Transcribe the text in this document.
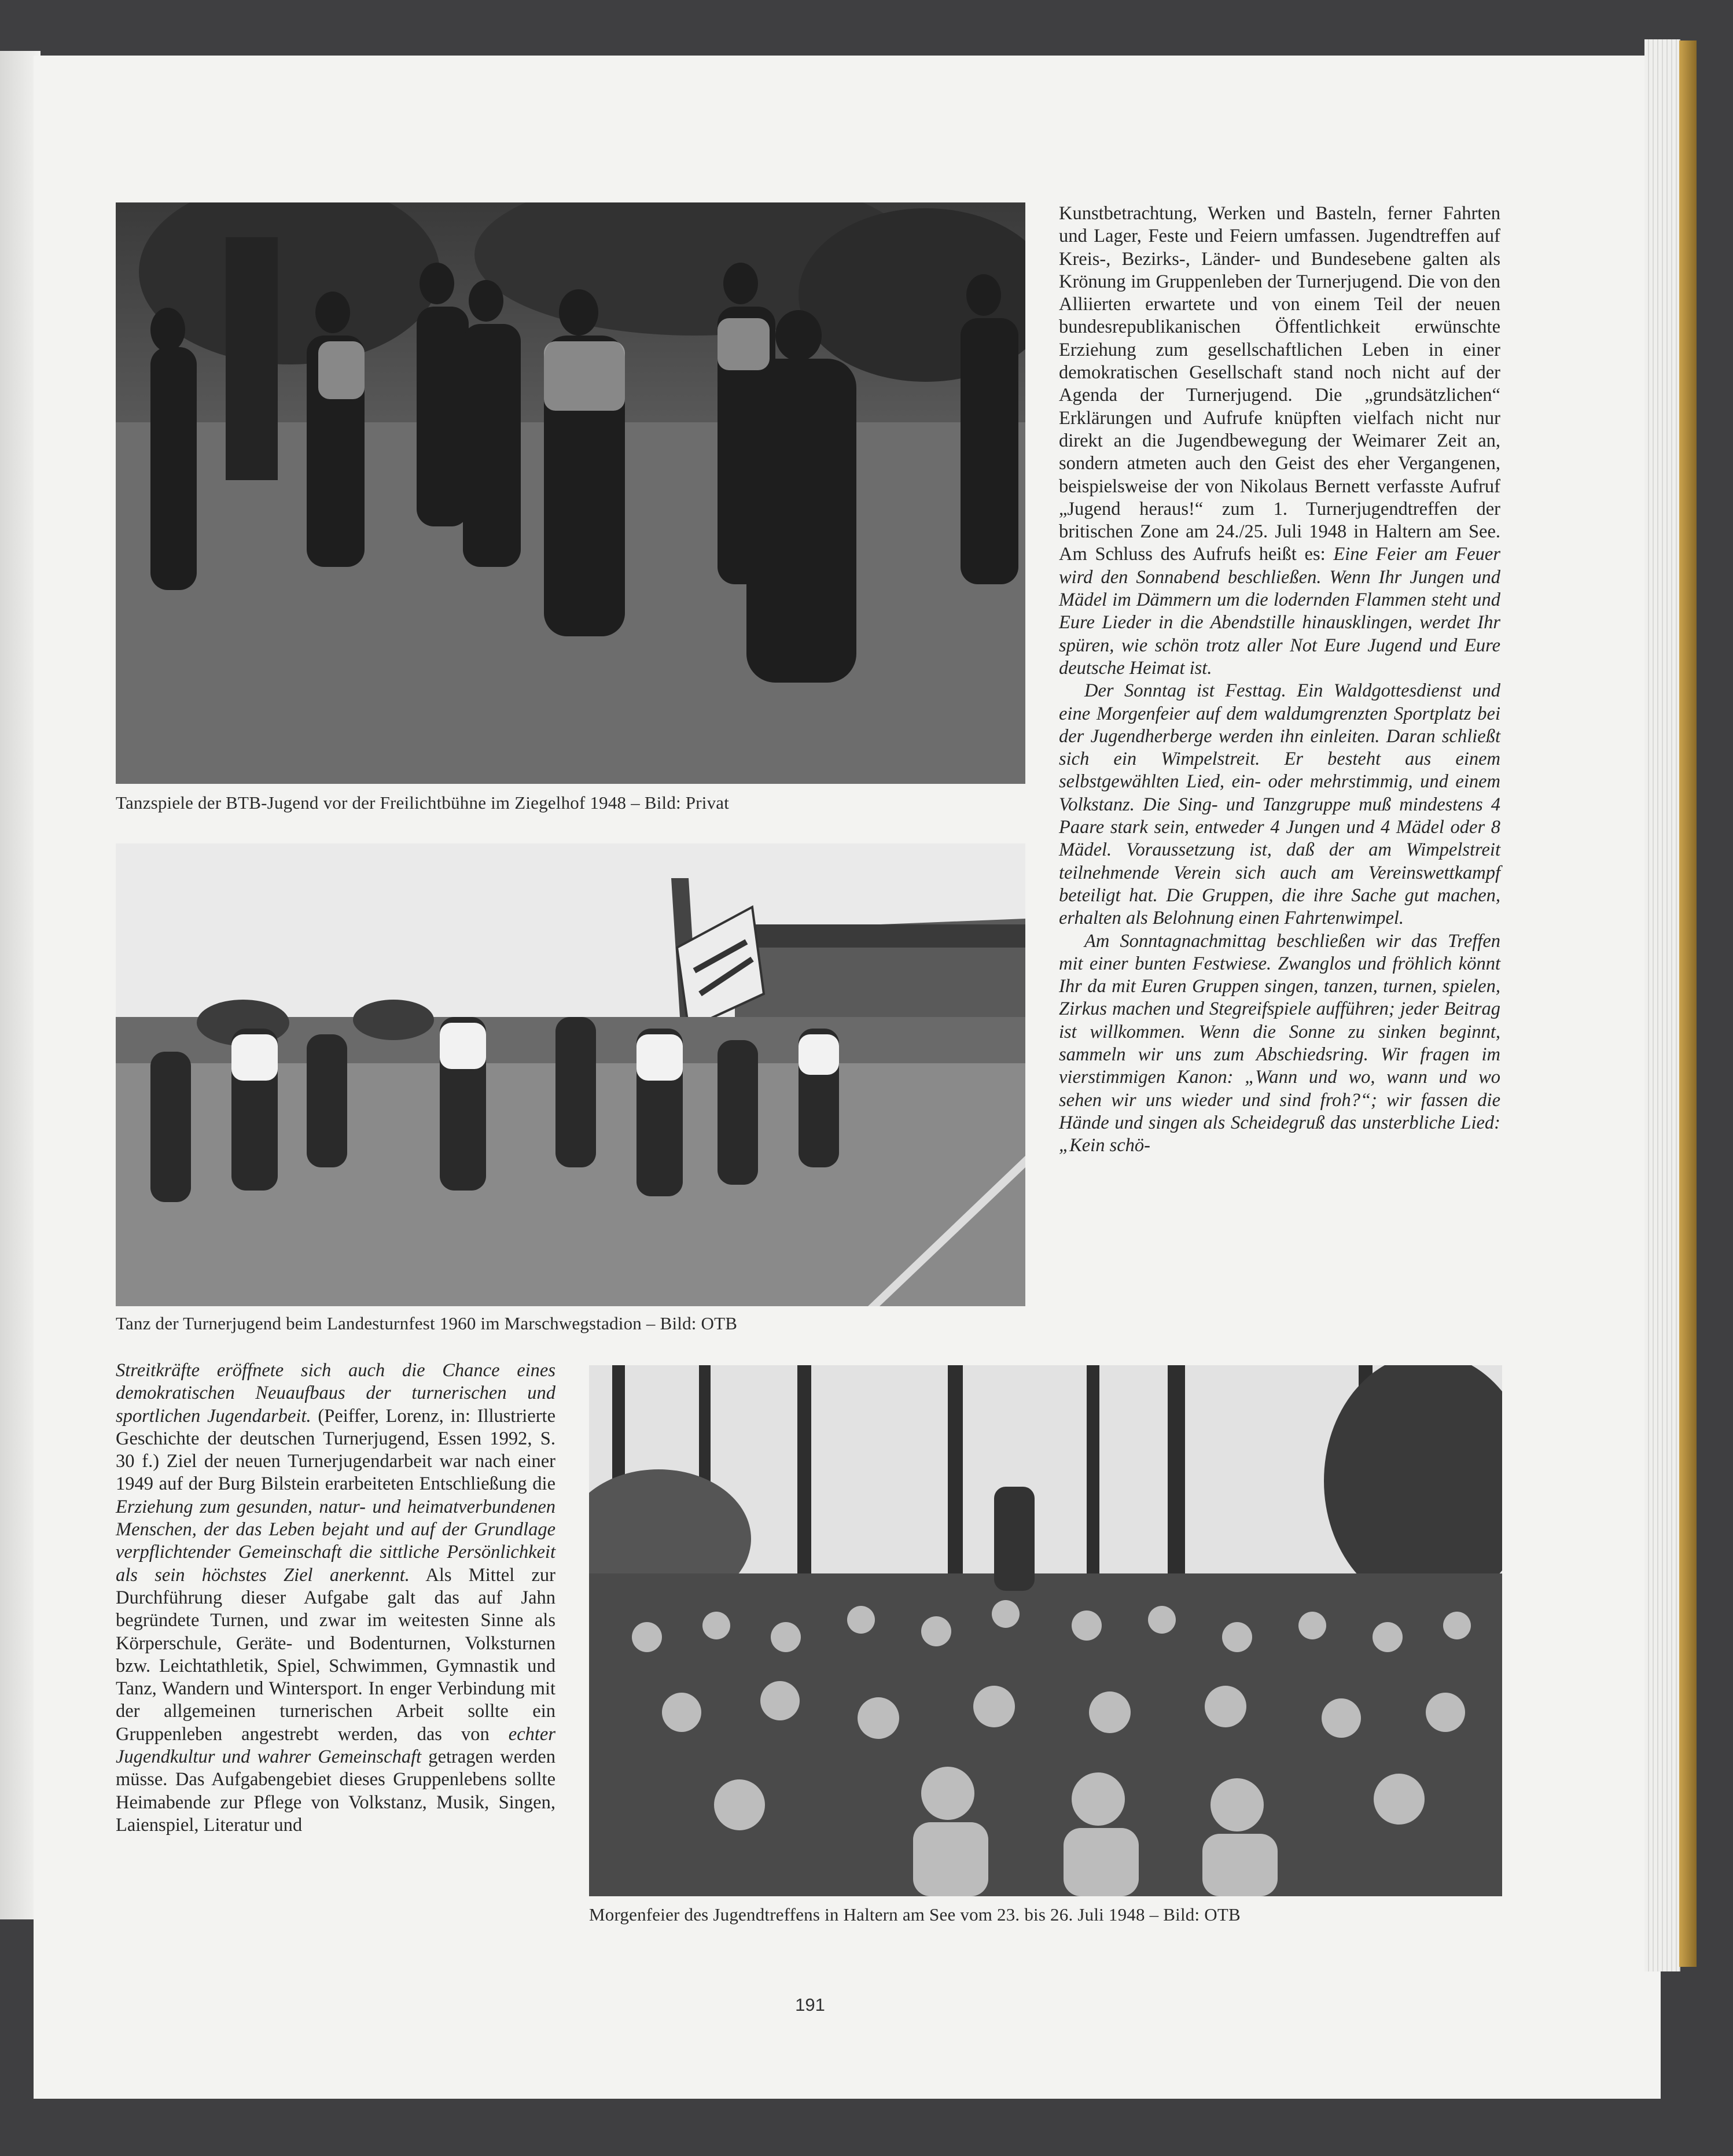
Tanzspiele der BTB-Jugend vor der Freilichtbühne im Ziegelhof 1948 – Bild: Privat
Tanz der Turnerjugend beim Landesturnfest 1960 im Marschwegstadion – Bild: OTB
Morgenfeier des Jugendtreffens in Haltern am See vom 23. bis 26. Juli 1948 – Bild: OTB

Kunstbetrachtung, Werken und Basteln, ferner Fahrten und Lager, Feste und Feiern umfassen. Jugendtreffen auf Kreis-, Bezirks-, Länder- und Bundesebene galten als Krönung im Gruppenleben der Turnerjugend. Die von den Alliierten erwartete und von einem Teil der neuen bundesrepublikanischen Öffentlichkeit erwünschte Erziehung zum gesellschaftlichen Leben in einer demokratischen Gesellschaft stand noch nicht auf der Agenda der Turnerjugend. Die „grundsätzlichen“ Erklärungen und Aufrufe knüpften vielfach nicht nur direkt an die Jugendbewegung der Weimarer Zeit an, sondern atmeten auch den Geist des eher Vergangenen, beispielsweise der von Nikolaus Bernett verfasste Aufruf „Jugend heraus!“ zum 1. Turnerjugendtreffen der britischen Zone am 24./25. Juli 1948 in Haltern am See. Am Schluss des Aufrufs heißt es: Eine Feier am Feuer wird den Sonnabend beschließen. Wenn Ihr Jungen und Mädel im Dämmern um die lodernden Flammen steht und Eure Lieder in die Abendstille hinausklingen, werdet Ihr spüren, wie schön trotz aller Not Eure Jugend und Eure deutsche Heimat ist.

Der Sonntag ist Festtag. Ein Waldgottesdienst und eine Morgenfeier auf dem waldumgrenzten Sportplatz bei der Jugendherberge werden ihn einleiten. Daran schließt sich ein Wimpelstreit. Er besteht aus einem selbstgewählten Lied, ein- oder mehrstimmig, und einem Volkstanz. Die Sing- und Tanzgruppe muß mindestens 4 Paare stark sein, entweder 4 Jungen und 4 Mädel oder 8 Mädel. Voraussetzung ist, daß der am Wimpelstreit teilnehmende Verein sich auch am Vereinswettkampf beteiligt hat. Die Gruppen, die ihre Sache gut machen, erhalten als Belohnung einen Fahrtenwimpel.

Am Sonntagnachmittag beschließen wir das Treffen mit einer bunten Festwiese. Zwanglos und fröhlich könnt Ihr da mit Euren Gruppen singen, tanzen, turnen, spielen, Zirkus machen und Stegreifspiele aufführen; jeder Beitrag ist willkommen. Wenn die Sonne zu sinken beginnt, sammeln wir uns zum Abschiedsring. Wir fragen im vierstimmigen Kanon: „Wann und wo, wann und wo sehen wir uns wieder und sind froh?“; wir fassen die Hände und singen als Scheidegruß das unsterbliche Lied: „Kein schö-

Streitkräfte eröffnete sich auch die Chance eines demokratischen Neuaufbaus der turnerischen und sportlichen Jugendarbeit. (Peiffer, Lorenz, in: Illustrierte Geschichte der deutschen Turnerjugend, Essen 1992, S. 30 f.) Ziel der neuen Turnerjugendarbeit war nach einer 1949 auf der Burg Bilstein erarbeiteten Entschließung die Erziehung zum gesunden, natur- und heimatverbundenen Menschen, der das Leben bejaht und auf der Grundlage verpflichtender Gemeinschaft die sittliche Persönlichkeit als sein höchstes Ziel anerkennt. Als Mittel zur Durchführung dieser Aufgabe galt das auf Jahn begründete Turnen, und zwar im weitesten Sinne als Körperschule, Geräte- und Bodenturnen, Volksturnen bzw. Leichtathletik, Spiel, Schwimmen, Gymnastik und Tanz, Wandern und Wintersport. In enger Verbindung mit der allgemeinen turnerischen Arbeit sollte ein Gruppenleben angestrebt werden, das von echter Jugendkultur und wahrer Gemeinschaft getragen werden müsse. Das Aufgabengebiet dieses Gruppenlebens sollte Heimabende zur Pflege von Volkstanz, Musik, Singen, Laienspiel, Literatur und

191
